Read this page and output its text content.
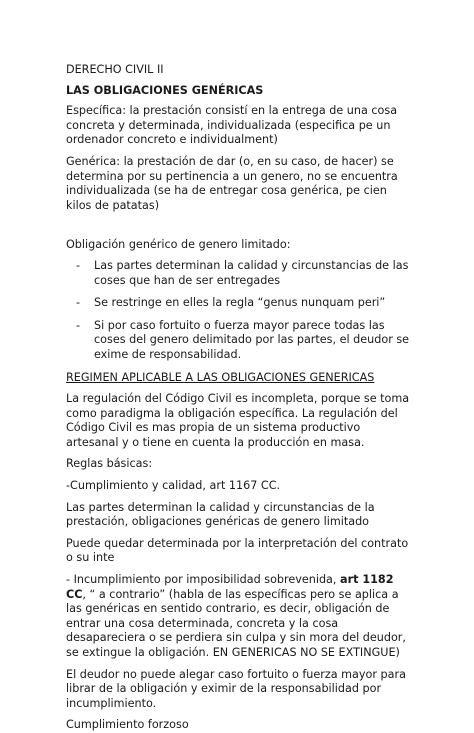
DERECHO CIVIL II

LAS OBLIGACIONES GENÉRICAS

Específica: la prestación consistí en la entrega de una cosa concreta y determinada, individualizada (especifica pe un ordenador concreto e individualment)

Genérica: la prestación de dar (o, en su caso, de hacer) se determina por su pertinencia a un genero, no se encuentra individualizada (se ha de entregar cosa genérica, pe cien kilos de patatas)

Obligación genérico de genero limitado:

- Las partes determinan la calidad y circunstancias de las coses que han de ser entregades
- Se restringe en elles la regla “genus nunquam peri”
- Si por caso fortuito o fuerza mayor parece todas las coses del genero delimitado por las partes, el deudor se exime de responsabilidad.

REGIMEN APLICABLE A LAS OBLIGACIONES GENERICAS

La regulación del Código Civil es incompleta, porque se toma como paradigma la obligación específica. La regulación del Código Civil es mas propia de un sistema productivo artesanal y o tiene en cuenta la producción en masa.

Reglas básicas:

-Cumplimiento y calidad, art 1167 CC.

Las partes determinan la calidad y circunstancias de la prestación, obligaciones genéricas de genero limitado

Puede quedar determinada por la interpretación del contrato o su inte

- Incumplimiento por imposibilidad sobrevenida, art 1182 CC, “ a contrario” (habla de las específicas pero se aplica a las genéricas en sentido contrario, es decir, obligación de entrar una cosa determinada, concreta y la cosa desapareciera o se perdiera sin culpa y sin mora del deudor, se extingue la obligación. EN GENERICAS NO SE EXTINGUE)

El deudor no puede alegar caso fortuito o fuerza mayor para librar de la obligación y eximir de la responsabilidad por incumplimiento.

Cumplimiento forzoso
